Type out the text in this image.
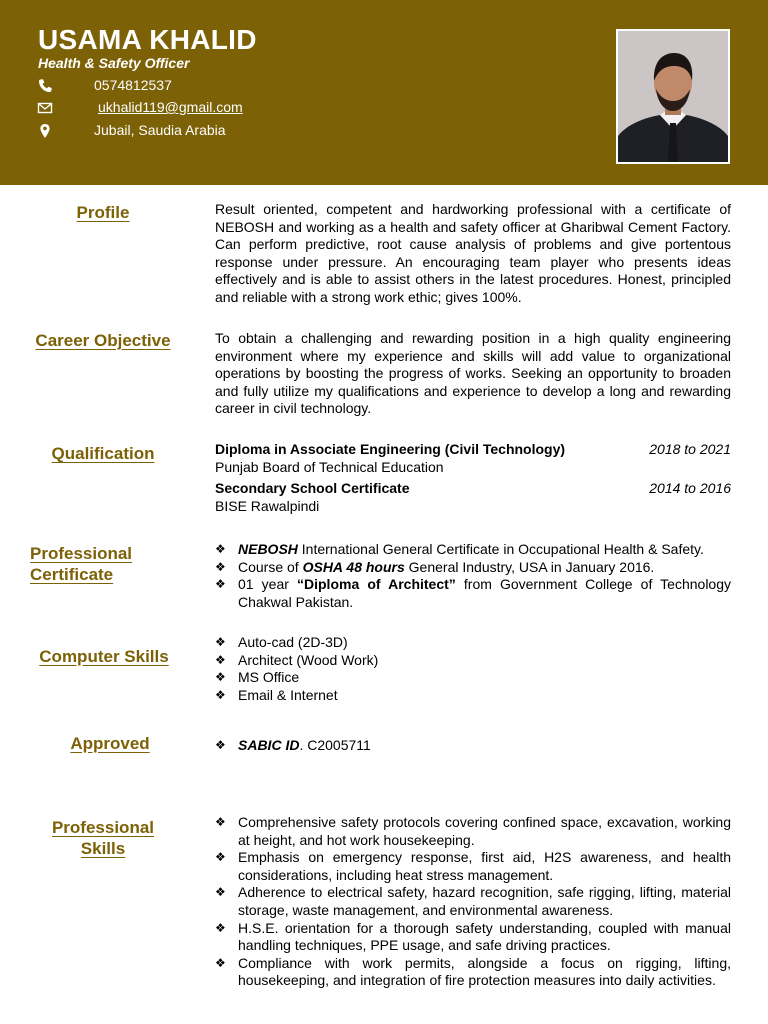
USAMA KHALID
Health & Safety Officer
0574812537
ukhalid119@gmail.com
Jubail, Saudia Arabia
Profile	Result oriented, competent and hardworking professional with a certificate of NEBOSH and working as a health and safety officer at Gharibwal Cement Factory. Can perform predictive, root cause analysis of problems and give portentous response under pressure. An encouraging team player who presents ideas effectively and is able to assist others in the latest procedures. Honest, principled and reliable with a strong work ethic; gives 100%.
Career Objective	To obtain a challenging and rewarding position in a high quality engineering environment where my experience and skills will add value to organizational operations by boosting the progress of works. Seeking an opportunity to broaden and fully utilize my qualifications and experience to develop a long and rewarding career in civil technology.
Qualification	Diploma in Associate Engineering (Civil Technology)
Punjab Board of Technical Education
2018 to 2021
Secondary School Certificate
BISE Rawalpindi
2014 to 2016
Professional
Certificate
❖ NEBOSH International General Certificate in Occupational Health & Safety.
❖ Course of OSHA 48 hours General Industry, USA in January 2016.
❖ 01 year “Diploma of Architect” from Government College of Technology Chakwal Pakistan.
Computer Skills
❖ Auto-cad (2D-3D)
❖ Architect (Wood Work)
❖ MS Office
❖ Email & Internet
Approved
❖	SABIC ID. C2005711
Professional
Skills
❖ Comprehensive safety protocols covering confined space, excavation, working at height, and hot work housekeeping.
❖ Emphasis on emergency response, first aid, H2S awareness, and health considerations, including heat stress management.
❖ Adherence to electrical safety, hazard recognition, safe rigging, lifting, material storage, waste management, and environmental awareness.
❖ H.S.E. orientation for a thorough safety understanding, coupled with manual handling techniques, PPE usage, and safe driving practices.
❖ Compliance with work permits, alongside a focus on rigging, lifting, housekeeping, and integration of fire protection measures into daily activities.
